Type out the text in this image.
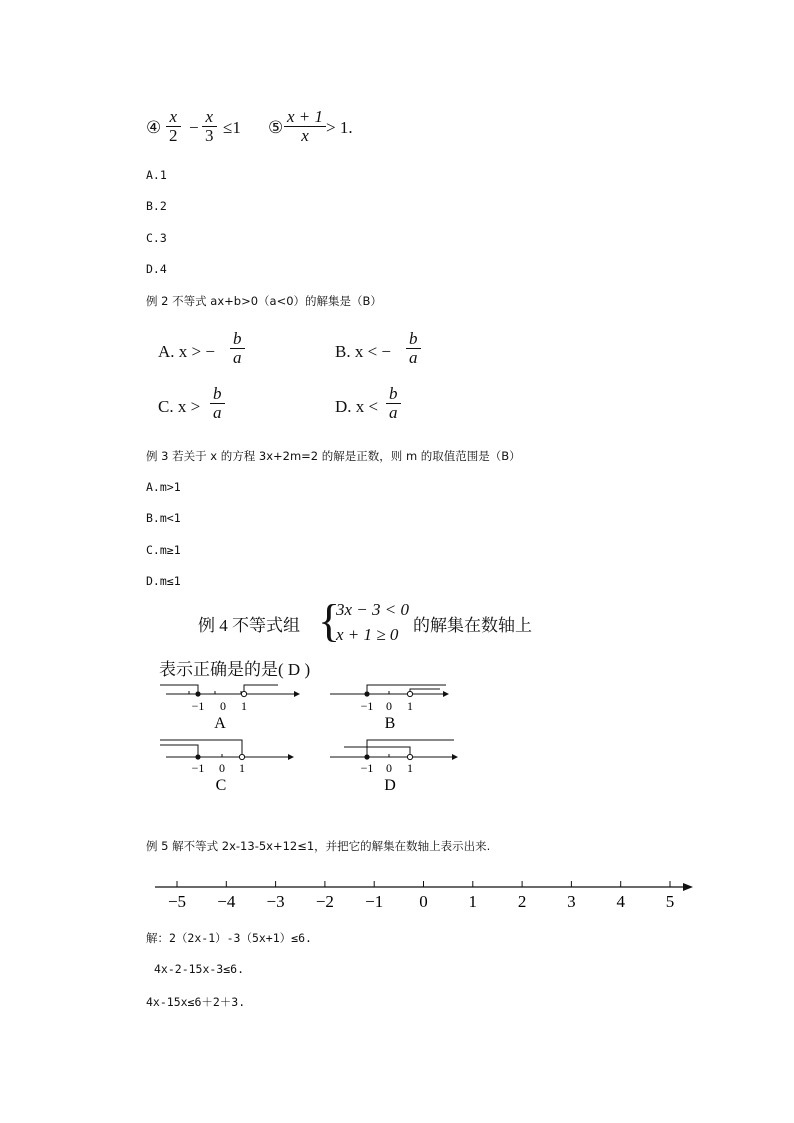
④ $\frac{x}{2} - \frac{x}{3} \le 1$ ⑤ $\frac{x + 1}{x} > 1$.
A.1
B.2
C.3
D.4
例 2 不等式 ax+b>0（a<0）的解集是（B）
A. x > − $\frac{b}{a}$	B. x < − $\frac{b}{a}$
C. $x > \frac{b}{a}$	D. $x < \frac{b}{a}$
例 3 若关于 x 的方程 3x+2m=2 的解是正数，则 m 的取值范围是（B）
A.m>1
B.m<1
C.m≥1
D.m≤1
例 4 不等式组 {
3x − 3 < 0
x + 1 ≥ 0 的解集在数轴上
表示正确是的是( D )
−1 0 1
A
−1 0 1
B
−1 0 1
C
−1 0 1
D
例 5 解不等式 2x-13-5x+12≤1，并把它的解集在数轴上表示出来.
−5 −4 −3 −2 −1 0 1 2 3 4 5
解：2（2x-1）-3（5x+1）≤6.
4x-2-15x-3≤6.
4x-15x≤6＋2＋3.
